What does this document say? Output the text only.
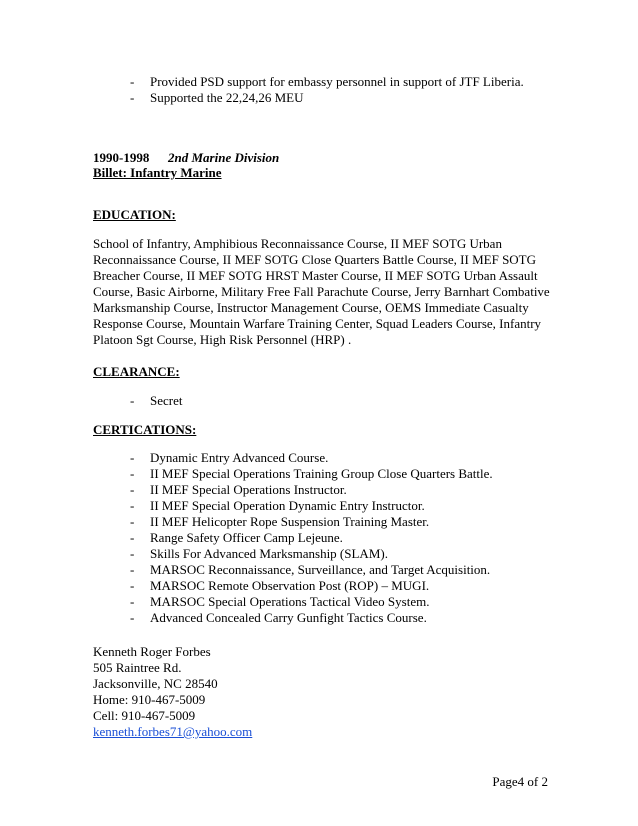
- Provided PSD support for embassy personnel in support of JTF Liberia.
- Supported the 22,24,26 MEU
1990-1998 2nd Marine Division
Billet: Infantry Marine
EDUCATION:
School of Infantry, Amphibious Reconnaissance Course, II MEF SOTG Urban
Reconnaissance Course, II MEF SOTG Close Quarters Battle Course, II MEF SOTG
Breacher Course, II MEF SOTG HRST Master Course, II MEF SOTG Urban Assault
Course, Basic Airborne, Military Free Fall Parachute Course, Jerry Barnhart Combative
Marksmanship Course, Instructor Management Course, OEMS Immediate Casualty
Response Course, Mountain Warfare Training Center, Squad Leaders Course, Infantry
Platoon Sgt Course, High Risk Personnel (HRP) .
CLEARANCE:
- Secret
CERTICATIONS:
- Dynamic Entry Advanced Course.
- II MEF Special Operations Training Group Close Quarters Battle.
- II MEF Special Operations Instructor.
- II MEF Special Operation Dynamic Entry Instructor.
- II MEF Helicopter Rope Suspension Training Master.
- Range Safety Officer Camp Lejeune.
- Skills For Advanced Marksmanship (SLAM).
- MARSOC Reconnaissance, Surveillance, and Target Acquisition.
- MARSOC Remote Observation Post (ROP) – MUGI.
- MARSOC Special Operations Tactical Video System.
- Advanced Concealed Carry Gunfight Tactics Course.
Kenneth Roger Forbes
505 Raintree Rd.
Jacksonville, NC 28540
Home: 910-467-5009
Cell: 910-467-5009
kenneth.forbes71@yahoo.com
Page4 of 2
